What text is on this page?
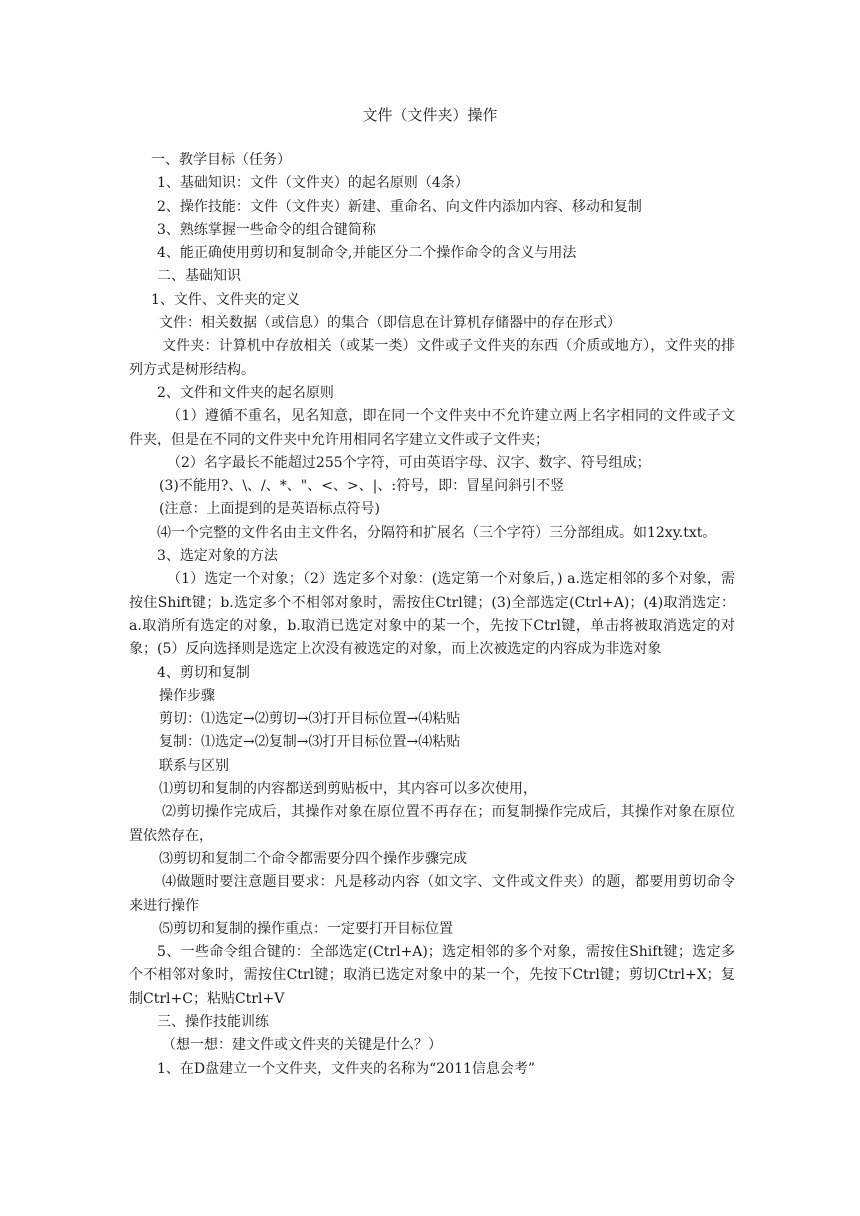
文件（文件夹）操作

一、教学目标（任务）

1、基础知识：文件（文件夹）的起名原则（4条）

2、操作技能：文件（文件夹）新建、重命名、向文件内添加内容、移动和复制

3、熟练掌握一些命令的组合键简称

4、能正确使用剪切和复制命令,并能区分二个操作命令的含义与用法

二、基础知识

1、文件、文件夹的定义

文件：相关数据（或信息）的集合（即信息在计算机存储器中的存在形式）

文件夹：计算机中存放相关（或某一类）文件或子文件夹的东西（介质或地方），文件夹的排列方式是树形结构。

2、文件和文件夹的起名原则

（1）遵循不重名，见名知意，即在同一个文件夹中不允许建立两上名字相同的文件或子文件夹，但是在不同的文件夹中允许用相同名字建立文件或子文件夹；

（2）名字最长不能超过255个字符，可由英语字母、汉字、数字、符号组成；

(3)不能用?、\、/、*、"、<、>、|、:符号，即：冒星问斜引不竖

(注意：上面提到的是英语标点符号)

⑷一个完整的文件名由主文件名，分隔符和扩展名（三个字符）三分部组成。如12xy.txt。

3、选定对象的方法

（1）选定一个对象；（2）选定多个对象：(选定第一个对象后，) a.选定相邻的多个对象，需按住Shift键；b.选定多个不相邻对象时，需按住Ctrl键；(3)全部选定(Ctrl+A)；(4)取消选定：a.取消所有选定的对象，b.取消已选定对象中的某一个，先按下Ctrl键，单击将被取消选定的对象；(5）反向选择则是选定上次没有被选定的对象，而上次被选定的内容成为非选对象

4、剪切和复制

操作步骤

剪切：⑴选定→⑵剪切→⑶打开目标位置→⑷粘贴

复制：⑴选定→⑵复制→⑶打开目标位置→⑷粘贴

联系与区别

⑴剪切和复制的内容都送到剪贴板中，其内容可以多次使用，

⑵剪切操作完成后，其操作对象在原位置不再存在；而复制操作完成后，其操作对象在原位置依然存在，

⑶剪切和复制二个命令都需要分四个操作步骤完成

⑷做题时要注意题目要求：凡是移动内容（如文字、文件或文件夹）的题，都要用剪切命令来进行操作

⑸剪切和复制的操作重点：一定要打开目标位置

5、一些命令组合键的：全部选定(Ctrl+A)；选定相邻的多个对象，需按住Shift键；选定多个不相邻对象时，需按住Ctrl键；取消已选定对象中的某一个，先按下Ctrl键；剪切Ctrl+X；复制Ctrl+C；粘贴Ctrl+V

三、操作技能训练

（想一想：建文件或文件夹的关键是什么？）

1、在D盘建立一个文件夹，文件夹的名称为“2011信息会考”
